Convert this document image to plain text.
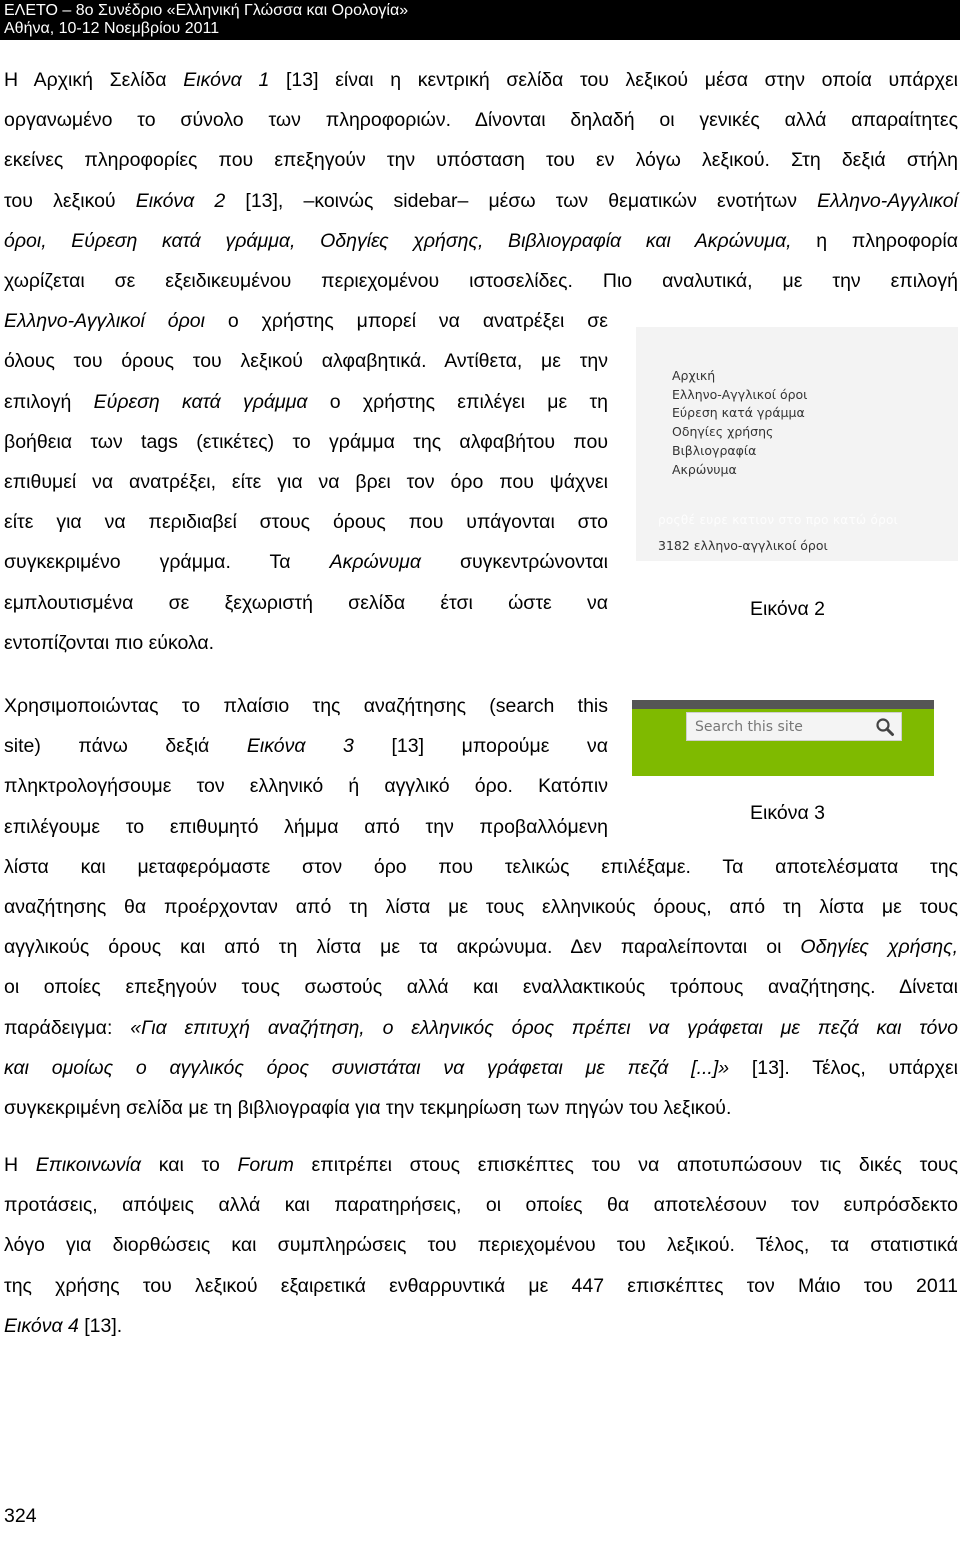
ΕΛΕΤΟ – 8ο Συνέδριο «Ελληνική Γλώσσα και Ορολογία»
Αθήνα, 10-12 Νοεμβρίου 2011
Η Αρχική Σελίδα Εικόνα 1 [13] είναι η κεντρική σελίδα του λεξικού μέσα στην οποία υπάρχει
οργανωμένο το σύνολο των πληροφοριών. Δίνονται δηλαδή οι γενικές αλλά απαραίτητες
εκείνες πληροφορίες που επεξηγούν την υπόσταση του εν λόγω λεξικού. Στη δεξιά στήλη
του λεξικού Εικόνα 2 [13], –κοινώς sidebar– μέσω των θεματικών ενοτήτων Ελληνο-Αγγλικοί
όροι, Εύρεση κατά γράμμα, Οδηγίες χρήσης, Βιβλιογραφία και Ακρώνυμα, η πληροφορία
χωρίζεται σε εξειδικευμένου περιεχομένου ιστοσελίδες. Πιο αναλυτικά, με την επιλογή
Ελληνο-Αγγλικοί όροι ο χρήστης μπορεί να ανατρέξει σε
όλους του όρους του λεξικού αλφαβητικά. Αντίθετα, με την
επιλογή Εύρεση κατά γράμμα ο χρήστης επιλέγει με τη
βοήθεια των tags (ετικέτες) το γράμμα της αλφαβήτου που
επιθυμεί να ανατρέξει, είτε για να βρει τον όρο που ψάχνει
είτε για να περιδιαβεί στους όρους που υπάγονται στο
συγκεκριμένο γράμμα. Τα Ακρώνυμα συγκεντρώνονται
εμπλουτισμένα σε ξεχωριστή σελίδα έτσι ώστε να
εντοπίζονται πιο εύκολα.
Χρησιμοποιώντας το πλαίσιο της αναζήτησης (search this
site) πάνω δεξιά Εικόνα 3 [13] μπορούμε να
πληκτρολογήσουμε τον ελληνικό ή αγγλικό όρο. Κατόπιν
επιλέγουμε το επιθυμητό λήμμα από την προβαλλόμενη
λίστα και μεταφερόμαστε στον όρο που τελικώς επιλέξαμε. Τα αποτελέσματα της
αναζήτησης θα προέρχονταν από τη λίστα με τους ελληνικούς όρους, από τη λίστα με τους
αγγλικούς όρους και από τη λίστα με τα ακρώνυμα. Δεν παραλείπονται οι Οδηγίες χρήσης,
οι οποίες επεξηγούν τους σωστούς αλλά και εναλλακτικούς τρόπους αναζήτησης. Δίνεται
παράδειγμα: «Για επιτυχή αναζήτηση, ο ελληνικός όρος πρέπει να γράφεται με πεζά και τόνο
και ομοίως ο αγγλικός όρος συνιστάται να γράφεται με πεζά [...]» [13]. Τέλος, υπάρχει
συγκεκριμένη σελίδα με τη βιβλιογραφία για την τεκμηρίωση των πηγών του λεξικού.
Η Επικοινωνία και το Forum επιτρέπει στους επισκέπτες του να αποτυπώσουν τις δικές τους
προτάσεις, απόψεις αλλά και παρατηρήσεις, οι οποίες θα αποτελέσουν τον ευπρόσδεκτο
λόγο για διορθώσεις και συμπληρώσεις του περιεχομένου του λεξικού. Τέλος, τα στατιστικά
της χρήσης του λεξικού εξαιρετικά ενθαρρυντικά με 447 επισκέπτες τον Μάιο του 2011
Εικόνα 4 [13].
Αρχική
Ελληνο-Αγγλικοί όροι
Εύρεση κατά γράμμα
Οδηγίες χρήσης
Βιβλιογραφία
Ακρώνυμα
ροςθέ ευρε κατιον στο προ κατώ όροι
3182 ελληνο-αγγλικοί όροι
Εικόνα 2
Search this site
Εικόνα 3
324
